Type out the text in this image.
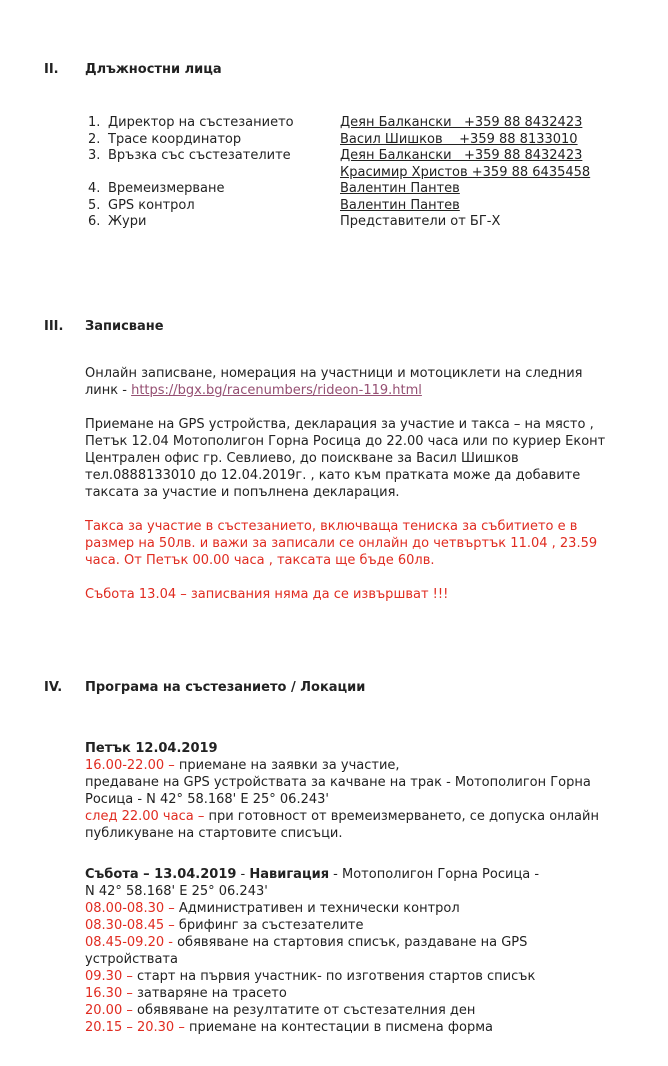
II.	Длъжностни лица

1. Директор на състезанието	Деян Балкански   +359 88 8432423
2. Трасе координатор	Васил Шишков    +359 88 8133010
3. Връзка със състезателите	Деян Балкански   +359 88 8432423
Красимир Христов +359 88 6435458
4. Времеизмерване	Валентин Пантев
5. GPS контрол	Валентин Пантев
6. Жури	Представители от БГ-Х

III.	Записване

Онлайн записване, номерация на участници и мотоциклети на следния
линк - https://bgx.bg/racenumbers/rideon-119.html
Приемане на GPS устройства, декларация за участие и такса – на място ,
Петък 12.04 Мотополигон Горна Росица до 22.00 часа или по куриер Еконт
Централен офис гр. Севлиево, до поискване за Васил Шишков
тел.0888133010 до 12.04.2019г. , като към пратката може да добавите
таксата за участие и попълнена декларация.
Такса за участие в състезанието, включваща тениска за събитието е в
размер на 50лв. и важи за записали се онлайн до четвъртък 11.04 , 23.59
часа. От Петък 00.00 часа , таксата ще бъде 60лв.
Събота 13.04 – записвания няма да се извършват !!!

IV.	Програма на състезанието / Локации

Петък 12.04.2019
16.00-22.00 – приемане на заявки за участие,
предаване на GPS устройствата за качване на трак - Мотополигон Горна
Росица - N 42° 58.168' E 25° 06.243'
след 22.00 часа – при готовност от времеизмерването, се допуска онлайн
публикуване на стартовите списъци.
Събота – 13.04.2019 - Навигация - Мотополигон Горна Росица -
N 42° 58.168' E 25° 06.243'
08.00-08.30 – Административен и технически контрол
08.30-08.45 – брифинг за състезателите
08.45-09.20 - обявяване на стартовия списък, раздаване на GPS
устройствата
09.30 – старт на първия участник- по изготвения стартов списък
16.30 – затваряне на трасето
20.00 – обявяване на резултатите от състезателния ден
20.15 – 20.30 – приемане на контестации в писмена форма
